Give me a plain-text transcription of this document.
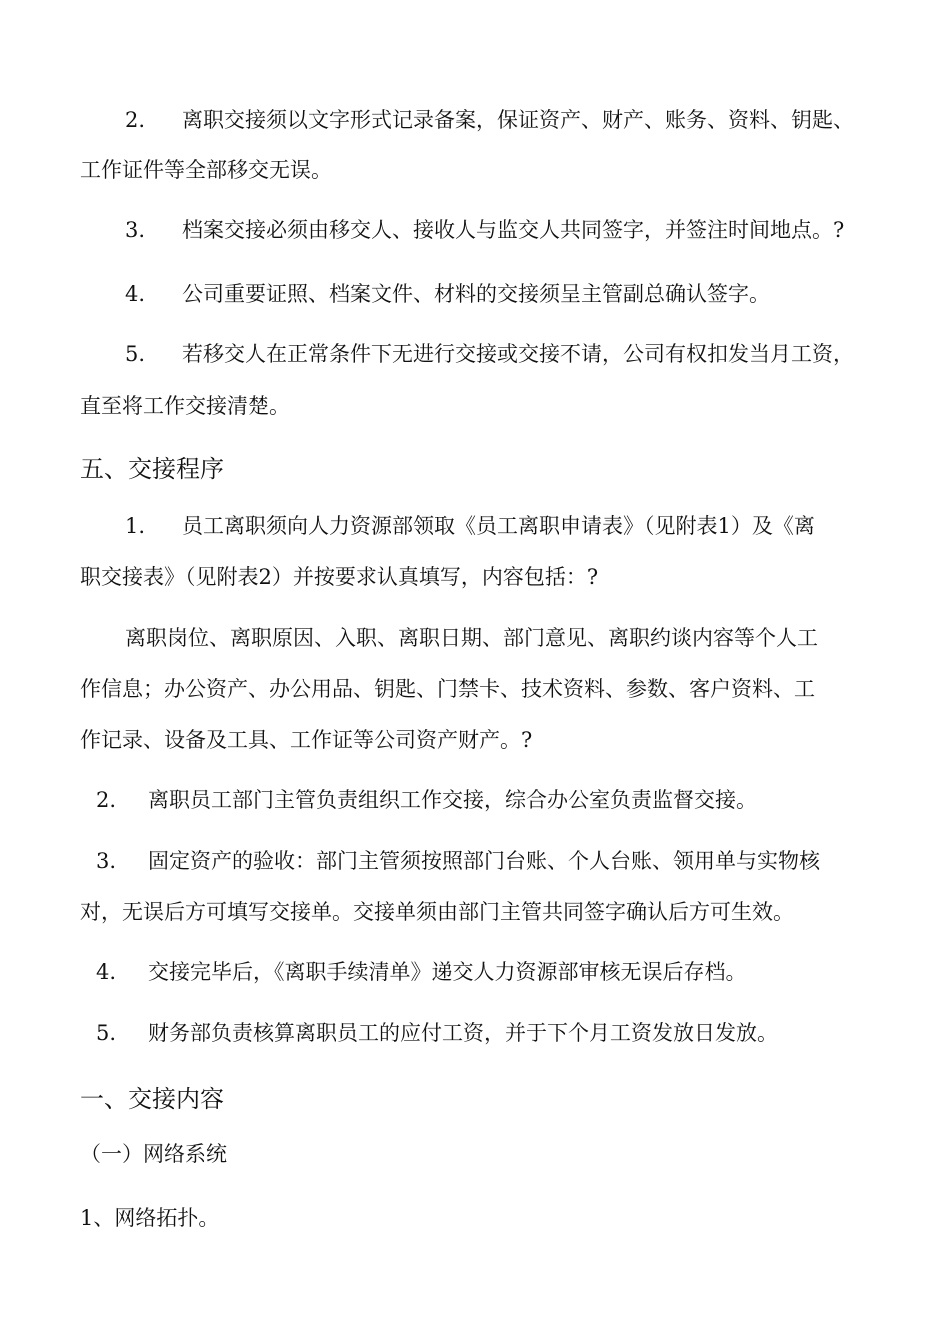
2. 离职交接须以文字形式记录备案，保证资产、财产、账务、资料、钥匙、
工作证件等全部移交无误。
3. 档案交接必须由移交人、接收人与监交人共同签字，并签注时间地点。?
4. 公司重要证照、档案文件、材料的交接须呈主管副总确认签字。
5. 若移交人在正常条件下无进行交接或交接不请，公司有权扣发当月工资，
直至将工作交接清楚。
五、交接程序
1. 员工离职须向人力资源部领取《员工离职申请表》（见附表1）及《离
职交接表》（见附表2）并按要求认真填写，内容包括：?
离职岗位、离职原因、入职、离职日期、部门意见、离职约谈内容等个人工
作信息；办公资产、办公用品、钥匙、门禁卡、技术资料、参数、客户资料、工
作记录、设备及工具、工作证等公司资产财产。?
2. 离职员工部门主管负责组织工作交接，综合办公室负责监督交接。
3. 固定资产的验收：部门主管须按照部门台账、个人台账、领用单与实物核
对，无误后方可填写交接单。交接单须由部门主管共同签字确认后方可生效。
4. 交接完毕后，《离职手续清单》递交人力资源部审核无误后存档。
5. 财务部负责核算离职员工的应付工资，并于下个月工资发放日发放。
一、交接内容
（一）网络系统
1、网络拓扑。
